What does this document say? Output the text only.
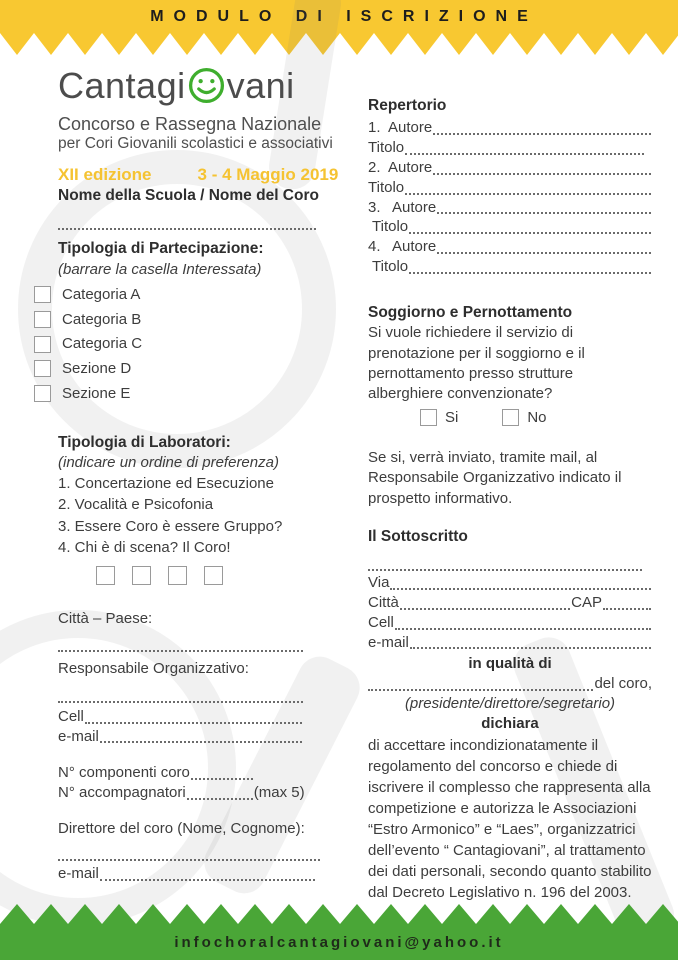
MODULO DI ISCRIZIONE
Cantagi vani
Concorso e Rassegna Nazionale
per Cori Giovanili scolastici e associativi
XII edizione	3 - 4 Maggio 2019
Nome della Scuola / Nome del Coro
Tipologia di Partecipazione:
(barrare la casella Interessata)
Categoria A
Categoria B
Categoria C
Sezione D
Sezione E
Tipologia di Laboratori:
(indicare un ordine di preferenza)
1. Concertazione ed Esecuzione
2. Vocalità e Psicofonia
3. Essere Coro è essere Gruppo?
4. Chi è di scena? Il Coro!
Città – Paese:
Responsabile Organizzativo:
Cell
e-mail
N° componenti coro
N° accompagnatori	(max 5)
Direttore del coro (Nome, Cognome):
e-mail
Repertorio
1. Autore
Titolo
2. Autore
Titolo
3. Autore
Titolo
4. Autore
Titolo
Soggiorno e Pernottamento
Si vuole richiedere il servizio di prenotazione per il soggiorno e il pernottamento presso strutture alberghiere convenzionate?
Si	No
Se si, verrà inviato, tramite mail, al Responsabile Organizzativo indicato il prospetto informativo.
Il Sottoscritto
Via
Città	CAP
Cell
e-mail
in qualità di
del coro,
(presidente/direttore/segretario)
dichiara
di accettare incondizionatamente il regolamento del concorso e chiede di iscrivere il complesso che rappresenta alla competizione e autorizza le Associazioni “Estro Armonico” e “Laes”, organizzatrici dell’evento “ Cantagiovani”, al trattamento dei dati personali, secondo quanto stabilito dal Decreto Legislativo n. 196 del 2003.
infochoralcantagiovani@yahoo.it
